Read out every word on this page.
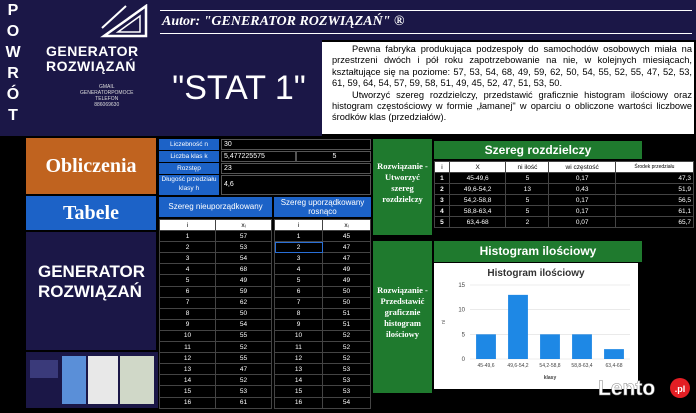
P
O
W
R
Ó
T
GENERATOR
ROZWIĄZAŃ
GMAIL
GENERATORPOMOCE
TELEFON
886069630
Autor: "GENERATOR ROZWIĄZAŃ" ®
"STAT 1"

Pewna fabryka produkująca podzespoły do samochodów osobowych miała na przestrzeni dwóch i pół roku zapotrzebowanie na nie, w kolejnych miesiącach, kształtujące się na poziome: 57, 53, 54, 68, 49, 59, 62, 50, 54, 55, 52, 55, 47, 52, 53, 61, 59, 64, 54, 57, 59, 58, 51, 49, 45, 52, 47, 51, 53, 50.

Utworzyć szereg rozdzielczy, przedstawić graficznie histogram ilościowy oraz histogram częstościowy w formie „łamanej" w oparciu o obliczone wartości liczbowe środków klas (przedziałów).

Obliczenia
Tabele
GENERATOR
ROZWIĄZAŃ
Liczebność n	30
Liczba klas k	5,477225575	5
Rozstęp	23
Długość przedziału klasy h
4,6
Szereg nieuporządkowany	Szereg uporządkowany rosnąco
i	xᵢ
1	57
2	53
3	54
4	68
5	49
6	59
7	62
8	50
9	54
10	55
11	52
12	55
13	47
14	52
15	53
16	61
i	xᵢ
1	45
2	47
3	47
4	49
5	49
6	50
7	50
8	51
9	51
10	52
11	52
12	52
13	53
14	53
15	53
16	54
Rozwiązanie - Utworzyć szereg rozdzielczy
Rozwiązanie - Przedstawić graficznie histogram ilościowy
Szereg rozdzielczy
i	X	ni ilość	wi częstość	Środek przedziału
1	45-49,6	5	0,17	47,3
2	49,6-54,2	13	0,43	51,9
3	54,2-58,8	5	0,17	56,5
4	58,8-63,4	5	0,17	61,1
5	63,4-68	2	0,07	65,7
Histogram ilościowy
Histogram ilościowy
0
5
10
15
45-49,6	49,6-54,2 54,2-58,8 58,8-63,4	63,4-68
ni
klasy Lento .pl
